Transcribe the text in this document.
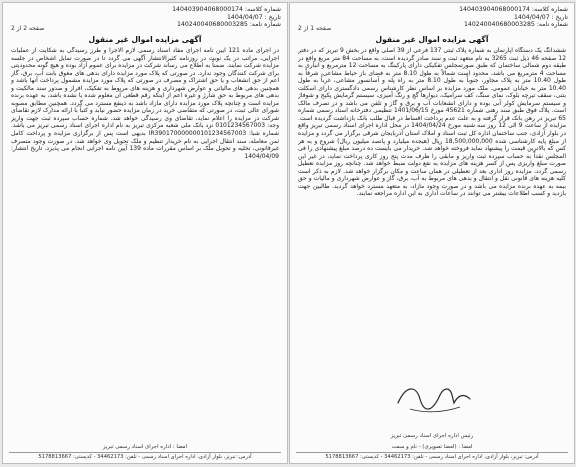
شماره کلاسه: 140403904068000174
تاریخ : 1404/04/07
شماره نامه: 140240040680003285
صفحه 2 از 2
آگهی مزایده اموال غیر منقول

در اجرای ماده 121 آیین نامه اجرای مفاد اسناد رسمی لازم الاجرا و طرز رسیدگی به شکایت از عملیات اجرایی، مراتب در یک نوبت در روزنامه کثیرالانتشار آگهی می گردد تا در صورت تمایل اشخاص در جلسه مزایده شرکت نمایند. ضمناً به اطلاع می رساند شرکت در مزایده برای عموم آزاد بوده و هیچ گونه محدودیتی برای شرکت کنندگان وجود ندارد. در صورتی که پلاک مورد مزایده دارای بدهی های معوق بابت آب، برق، گاز اعم از حق انشعاب و یا حق اشتراک و مصرف در صورتی که پلاک مورد مزایده مشمول پرداخت آنها باشد و همچنین بدهی های مالیاتی و عوارض شهرداری و هزینه های مربوط به تفکیک، افراز و صدور سند مالکیت و بدهی های مربوط به حق شارژ و غیره اعم از اینکه رقم قطعی آن معلوم شده یا نشده باشد، به عهده برنده مزایده است و چنانچه پلاک مورد مزایده دارای مازاد باشد به ذینفع مسترد می گردد. همچنین مطابق مصوبه شورای عالی ثبت، در صورتی که متقاضی خرید در زمان مزایده حضور نیابد و کتباً با ارائه مدارک لازم تقاضای شرکت در مزایده را اعلام نماید، تقاضای وی رسیدگی خواهد شد. شماره حساب سپرده ثبت جهت واریز وجه: 0101234567003 نزد بانک ملی شعبه مرکزی تبریز به نام اداره اجرای اسناد رسمی تبریز می باشد. شماره شبا: IR390170000000101234567003 بدیهی است پس از برگزاری مزایده و پرداخت کامل ثمن معامله، سند انتقال اجرایی به نام خریدار تنظیم و ملک تحویل وی خواهد شد. در صورت وجود متصرف غیرقانونی، تخلیه و تحویل ملک بر اساس مقررات ماده 139 آیین نامه اجرایی انجام می پذیرد. تاریخ انتشار: 1404/04/09

امضا : اداره اجرای اسناد رسمی تبریز
آدرس: تبریز، بلوار آزادی، اداره اجرای اسناد رسمی - تلفن: 34462173 - کدپستی: 5178813667
شماره کلاسه: 140403904068000174
تاریخ : 1404/04/07
شماره نامه: 140240040680003285
صفحه 1 از 2
آگهی مزایده اموال غیر منقول

ششدانگ یک دستگاه آپارتمان به شماره پلاک ثبتی 137 فرعی از 39 اصلی واقع در بخش 9 تبریز که در دفتر 12 صفحه 46 ذیل ثبت 3265 به نام متعهد ثبت و سند صادر گردیده است، به مساحت 84 متر مربع واقع در طبقه دوم شمالی ساختمان که طبق صورتمجلس تفکیکی دارای پارکینگ به مساحت 12 مترمربع و انباری به مساحت 4 مترمربع می باشد، محدود است شمالاً به طول 8.10 متر به فضای باز حیاط مشاعی، شرقاً به طول 10.40 متر به پلاک مجاور، جنوباً به طول 8.10 متر به راه پله و آسانسور مشاعی، غرباً به طول 10.40 متر به خیابان عمومی. ملک مورد مزایده بر اساس نظر کارشناس رسمی دادگستری دارای اسکلت بتنی، سقف تیرچه بلوک، نمای سنگ، کف سرامیک، دیوارها گچ و رنگ آمیزی، سیستم گرمایش پکیج و شوفاژ و سیستم سرمایش کولر آبی بوده و دارای انشعابات آب و برق و گاز و تلفن می باشد و در تصرف مالک است. پلاک فوق طبق سند رهنی شماره 45621 مورخ 1401/06/15 تنظیمی دفترخانه اسناد رسمی شماره 65 تبریز در رهن بانک قرار گرفته و به علت عدم پرداخت اقساط در قبال طلب بانک بازداشت گردیده است. مزایده از ساعت 9 الی 12 روز سه شنبه مورخ 1404/04/24 در محل اداره اجرای اسناد رسمی تبریز واقع در بلوار آزادی، جنب ساختمان اداره کل ثبت اسناد و املاک استان آذربایجان شرقی برگزار می گردد و مزایده از مبلغ پایه کارشناسی شده 18,500,000,000 ریال (هیجده میلیارد و پانصد میلیون ریال) شروع و به هر کس که بالاترین قیمت را پیشنهاد نماید فروخته خواهد شد. خریدار می بایست ده درصد مبلغ پیشنهادی را فی المجلس نقداً به حساب سپرده ثبت واریز و مابقی را ظرف مدت پنج روز کاری پرداخت نماید، در غیر این صورت مبلغ واریزی پس از کسر هزینه های مزایده به نفع دولت ضبط خواهد شد. چنانچه روز مزایده تعطیل رسمی گردد، مزایده روز اداری بعد از تعطیلی در همان ساعت و مکان برگزار خواهد شد. لازم به ذکر است کلیه هزینه های قانونی نقل و انتقال و بدهی های مربوط به آب، برق، گاز و عوارض شهرداری و مالیات و حق بیمه به عهده برنده مزایده می باشد و در صورت وجود مازاد، به متعهد مسترد خواهد گردید. طالبین جهت بازدید و کسب اطلاعات بیشتر می توانند در ساعات اداری به این اداره مراجعه نمایند.

رئیس اداره اجرای اسناد رسمی تبریز
امضا : (امضا تصویری) - نام و سمت
آدرس: تبریز، بلوار آزادی، اداره اجرای اسناد رسمی - تلفن: 34462173 - کدپستی: 5178813667
